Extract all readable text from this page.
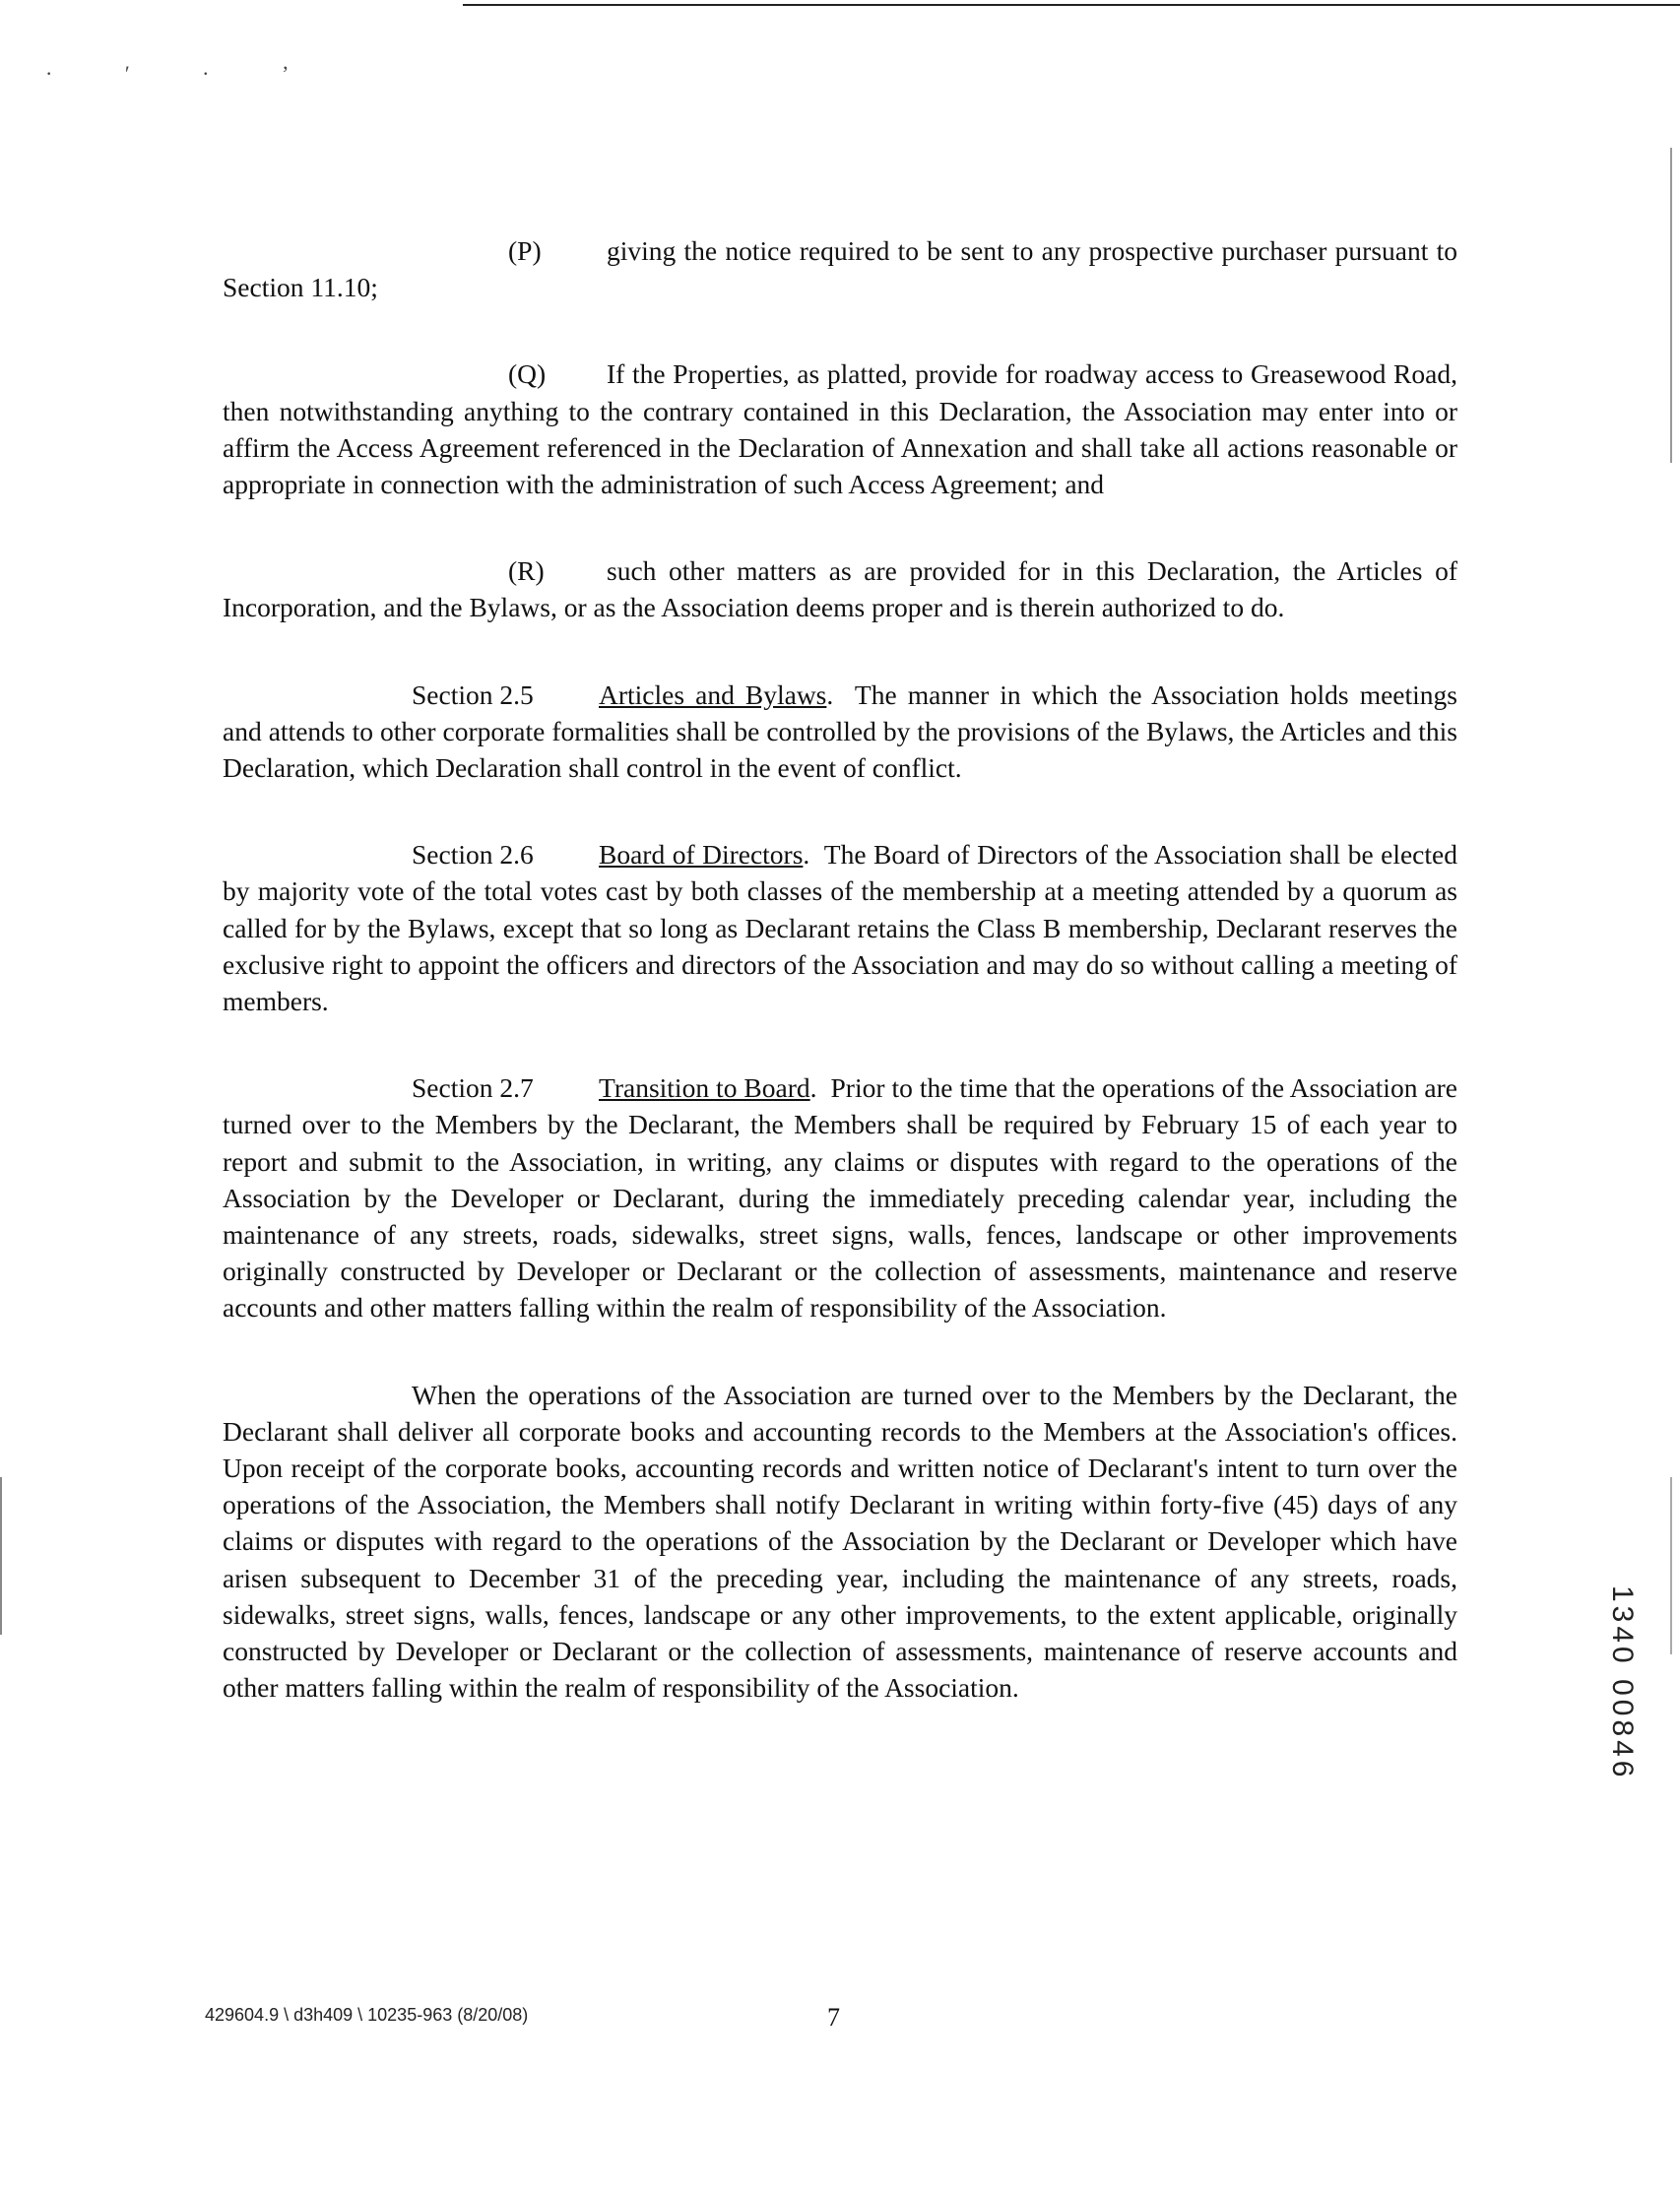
· ′ · ’

(P) giving the notice required to be sent to any prospective purchaser pursuant to Section 11.10;

(Q) If the Properties, as platted, provide for roadway access to Greasewood Road, then notwithstanding anything to the contrary contained in this Declaration, the Association may enter into or affirm the Access Agreement referenced in the Declaration of Annexation and shall take all actions reasonable or appropriate in connection with the administration of such Access Agreement; and

(R) such other matters as are provided for in this Declaration, the Articles of Incorporation, and the Bylaws, or as the Association deems proper and is therein authorized to do.

Section 2.5 Articles and Bylaws.  The manner in which the Association holds meetings and attends to other corporate formalities shall be controlled by the provisions of the Bylaws, the Articles and this Declaration, which Declaration shall control in the event of conflict.

Section 2.6 Board of Directors.  The Board of Directors of the Association shall be elected by majority vote of the total votes cast by both classes of the membership at a meeting attended by a quorum as called for by the Bylaws, except that so long as Declarant retains the Class B membership, Declarant reserves the exclusive right to appoint the officers and directors of the Association and may do so without calling a meeting of members.

Section 2.7 Transition to Board.  Prior to the time that the operations of the Association are turned over to the Members by the Declarant, the Members shall be required by February 15 of each year to report and submit to the Association, in writing, any claims or disputes with regard to the operations of the Association by the Developer or Declarant, during the immediately preceding calendar year, including the maintenance of any streets, roads, sidewalks, street signs, walls, fences, landscape or other improvements originally constructed by Developer or Declarant or the collection of assessments, maintenance and reserve accounts and other matters falling within the realm of responsibility of the Association.

When the operations of the Association are turned over to the Members by the Declarant, the Declarant shall deliver all corporate books and accounting records to the Members at the Association's offices. Upon receipt of the corporate books, accounting records and written notice of Declarant's intent to turn over the operations of the Association, the Members shall notify Declarant in writing within forty-five (45) days of any claims or disputes with regard to the operations of the Association by the Declarant or Developer which have arisen subsequent to December 31 of the preceding year, including the maintenance of any streets, roads, sidewalks, street signs, walls, fences, landscape or any other improvements, to the extent applicable, originally constructed by Developer or Declarant or the collection of assessments, maintenance of reserve accounts and other matters falling within the realm of responsibility of the Association.

429604.9 \ d3h409 \ 10235-963 (8/20/08)	7
1340 00846
